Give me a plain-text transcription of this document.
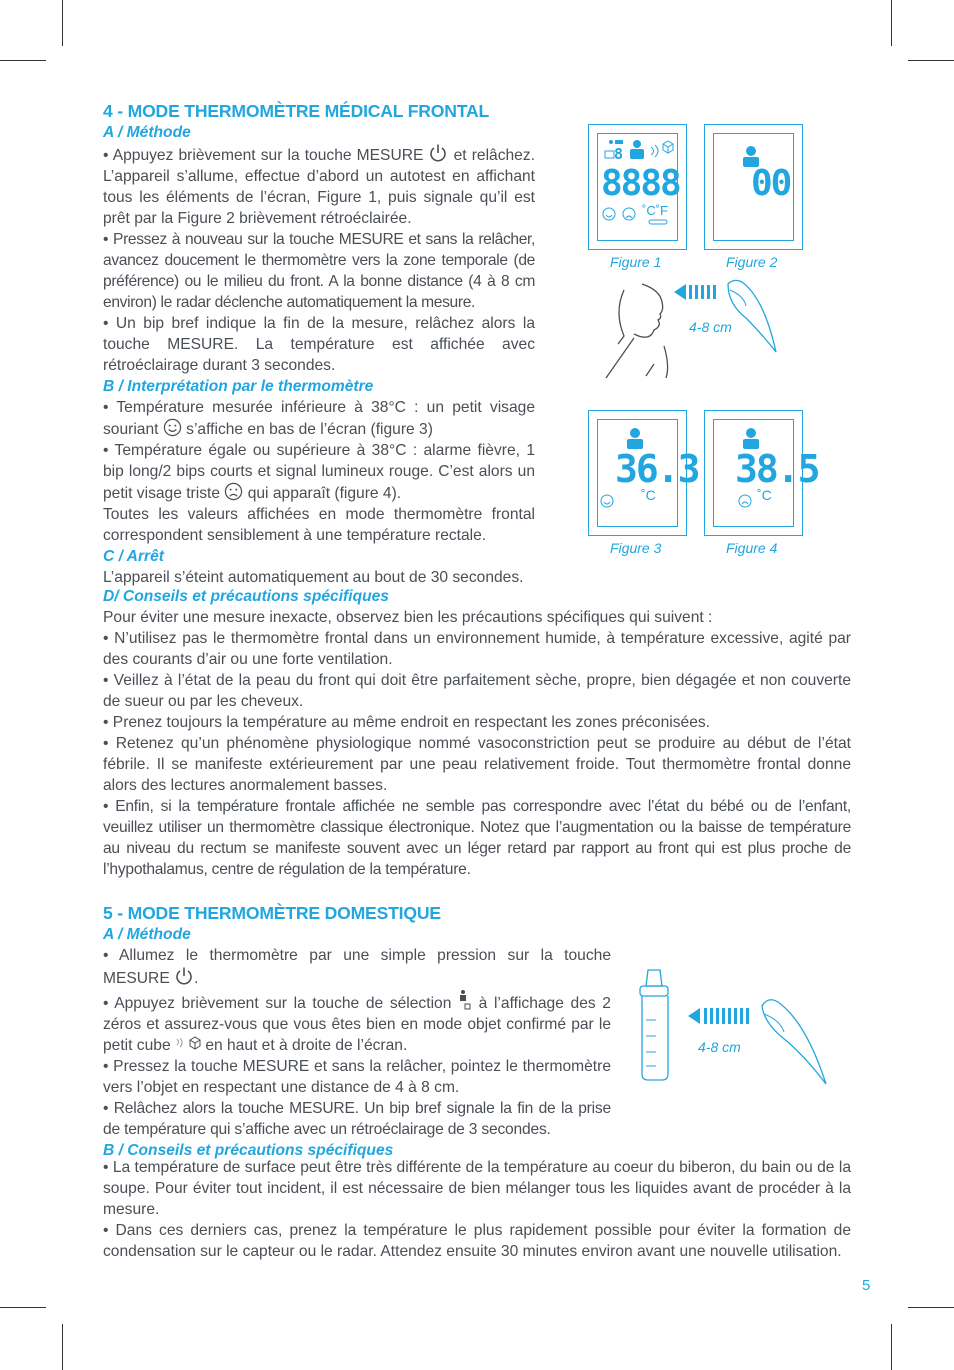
4 - MODE THERMOMÈTRE MÉDICAL FRONTAL
A / Méthode

• Appuyez brièvement sur la touche MESURE et relâchez. L’appareil s’allume, effectue d’abord un autotest en affichant tous les éléments de l’écran, Figure 1, puis signale qu’il est prêt par la Figure 2 brièvement rétroéclairée.

• Pressez à nouveau sur la touche MESURE et sans la relâcher, avancez doucement le thermomètre vers la zone temporale (de préférence) ou le milieu du front. A la bonne distance (4 à 8 cm environ) le radar déclenche automatiquement la mesure.

• Un bip bref indique la fin de la mesure, relâchez alors la touche MESURE. La température est affichée avec rétroéclairage durant 3 secondes.

B / Interprétation par le thermomètre

• Température mesurée inférieure à 38°C : un petit visage souriant s’affiche en bas de l’écran (figure 3)

• Température égale ou supérieure à 38°C : alarme fièvre, 1 bip long/2 bips courts et signal lumineux rouge. C’est alors un petit visage triste qui apparaît (figure 4).

Toutes les valeurs affichées en mode thermomètre frontal correspondent sensiblement à une température rectale.

C / Arrêt

L’appareil s’éteint automatiquement au bout de 30 secondes.

D/ Conseils et précautions spécifiques

Pour éviter une mesure inexacte, observez bien les précautions spécifiques qui suivent :

• N’utilisez pas le thermomètre frontal dans un environnement humide, à température excessive, agité par des courants d’air ou une forte ventilation.

• Veillez à l’état de la peau du front qui doit être parfaitement sèche, propre, bien dégagée et non couverte de sueur ou par les cheveux.

• Prenez toujours la température au même endroit en respectant les zones préconisées.

• Retenez qu’un phénomène physiologique nommé vasoconstriction peut se produire au début de l’état fébrile. Il se manifeste extérieurement par une peau relativement froide. Tout thermomètre frontal donne alors des lectures anormalement basses.

• Enfin, si la température frontale affichée ne semble pas correspondre avec l’état du bébé ou de l’enfant, veuillez utiliser un thermomètre classique électronique. Notez que l’augmentation ou la baisse de température au niveau du rectum se manifeste souvent avec un léger retard par rapport au front qui est plus proche de l’hypothalamus, centre de régulation de la température.

5 - MODE THERMOMÈTRE DOMESTIQUE
A / Méthode

• Allumez le thermomètre par une simple pression sur la touche MESURE .

• Appuyez brièvement sur la touche de sélection à l’affichage des 2 zéros et assurez-vous que vous êtes bien en mode objet confirmé par le petit cube en haut et à droite de l’écran.

• Pressez la touche MESURE et sans la relâcher, pointez le thermomètre vers l’objet en respectant une distance de 4 à 8 cm.

• Relâchez alors la touche MESURE. Un bip bref signale la fin de la prise de température qui s’affiche avec un rétroéclairage de 3 secondes.

B / Conseils et précautions spécifiques

• La température de surface peut être très différente de la température au coeur du biberon, du bain ou de la soupe. Pour éviter tout incident, il est nécessaire de bien mélanger tous les liquides avant de procéder à la mesure.

• Dans ces derniers cas, prenez la température le plus rapidement possible pour éviter la formation de condensation sur le capteur ou le radar. Attendez ensuite 30 minutes environ avant une nouvelle utilisation.

8
8888
˚C˚F
Figure 1
00
Figure 2
4-8 cm
36.3
˚C
Figure 3
38.5
˚C
Figure 4
4-8 cm
5
